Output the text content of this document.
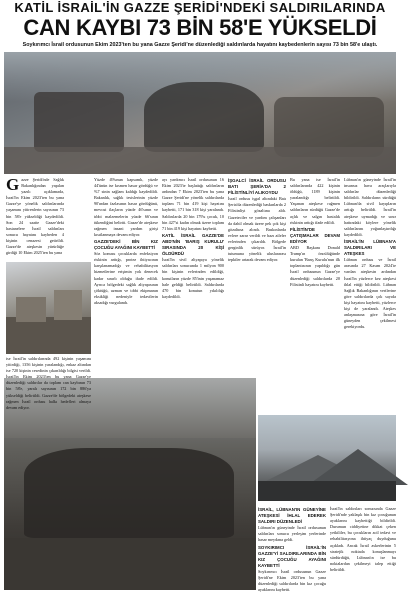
KATİL İSRAİL'İN GAZZE ŞERİDİ'NDEKİ SALDIRILARINDA
CAN KAYBI 73 BİN 58'E YÜKSELDİ
Soykırımcı İsrail ordusunun Ekim 2023'ten bu yana Gazze Şeridi'ne düzenlediği saldırılarda hayatını kaybedenlerin sayısı 73 bin 58'e ulaştı.
Gazze Şeridi'nde Sağlık Bakanlığından yapılan yazılı açıklamada, İsrail'in Ekim 2023'ten bu yana Gazze'ye yönelik saldırılarında yaşamını yitirenlerin sayısının 73 bin 58'e yükseldiği kaydedildi. Son 24 saatte Gazze'deki hastanelere İsrail saldırıları sonucu hayatını kaybeden 4 kişinin cenazesi getirildi. Gazze'de ateşkesin yürürlüğe girdiği 10 Ekim 2025'ten bu yana
Yüzde 49'unun kapsamlı, yüzde 44'ünün ise kısmen hasar gördüğü ve %7 sinin sağlam kaldığı kaydedildi. Bakanlık, sağlık tesislerinin yüzde 90'ından fazlasının hasar gördüğünü, mevcut ilaçların yüzde 46'sının ve tıbbi malzemelerin yüzde 66'sının tükendiğini belirtti. Gazze'de ateşkese rağmen insani yardım girişi kısıtlanmaya devam ediyor.
GAZZE'DEKİ BİN KIZ ÇOCUĞU AYAĞINI KAYBETTİ
Söz konusu çocuklarda enfeksiyon riskinin arttığı, protez ihtiyacının karşılanamadığı ve rehabilitasyon hizmetlerine erişimin yok denecek kadar sınırlı olduğu ifade edildi. Ayrıca bölgedeki sağlık altyapısının çöktüğü, uzman ve tıbbi ekipmanın eksikliği nedeniyle tedavilerin aksadığı vurgulandı.
ayı yardımcı İsrail ordusunun 16 Ekim 2023'te başlattığı saldırıların ardından 7 Ekim 2023'ten bu yana Gazze Şeridi'ne yönelik saldırılarda toplam 71 bin 419 kişi hayatını kaybetti, 171 bin 318 kişi yaralandı. Saldırılarda 20 bin 179'u çocuk, 10 bin 427'si kadın olmak üzere toplam 71 bin 419 kişi hayatını kaybetti.
KATİL İSRAİL GAZZE'DE ABD'NİN 'BARIŞ KURULU' SIRASINDA 20 KİŞİ ÖLDÜRDÜ
İsrail'in sivil altyapıya yönelik saldırıları sonucunda 1 milyon 900 bin kişinin evlerinden edildiği, konutların yüzde 85'inin yaşanamaz hale geldiği belirtildi. Saldırılarda 470 bin konutun yıkıldığı kaydedildi.
İŞGALCİ İSRAİL ORDUSU BATI ŞERİA'DA 2 FİLİSTİNLİYİ ALIKOYDU
İsrail ordusu işgal altındaki Batı Şeria'da düzenlediği baskınlarda 2 Filistinliyi gözaltına aldı. Gazeteciler ve yardım çalışanları da dahil olmak üzere pek çok kişi gözaltına alındı. Baskınlarda evlere zarar verildi ve bazı aileler evlerinden çıkarıldı. Bölgede gerginlik sürüyor. İsrail'in tutumuna yönelik uluslararası tepkiler artarak devam ediyor.
Bu yana ise İsrail'in saldırılarında 422 kişinin öldüğü, 1189 kişinin yaralandığı belirtildi. Yaşanan ateşkese rağmen saldırıların sürdüğü Gazze'de açlık ve salgın hastalık riskinin arttığı ifade edildi.
FİLİSTİN'DE ÇATIŞMALAR DEVAM EDİYOR
ABD Başkanı Donald Trump'ın öncülüğünde kurulan 'Barış Kurulu'nun ilk toplantısının yapıldığı gün İsrail ordusunun Gazze'ye düzenlediği saldırılarda 20 Filistinli hayatını kaybetti.
Lübnan'ın güneyinde İsrail'in insansız hava araçlarıyla saldırılar düzenlediği bildirildi. Saldırıların sürdüğü Lübnan'da sivil kayıpların arttığı belirtildi. İsrail'in ateşkese uymadığı ve sınır hattındaki köylere yönelik saldırılarını yoğunlaştırdığı kaydedildi.
İSRAİL'İN LÜBNAN'A SALDIRILARI VE ATEŞKES
Lübnan ordusu ve İsrail arasında 27 Kasım 2024'te varılan ateşkesin ardından İsrail'in yüzlerce kez ateşkesi ihlal ettiği bildirildi. Lübnan Sağlık Bakanlığının verilerine göre saldırılarda çok sayıda kişi hayatını kaybetti, yüzlerce kişi de yaralandı. Ateşkes anlaşmasına göre İsrail'in güneyden çekilmesi gerekiyordu.
ise İsrail'in saldırılarında 492 kişinin yaşamını yitirdiği, 1356 kişinin yaralandığı, enkaz altından ise 720 kişinin cesedinin çıkarıldığı bilgisi verildi. İsrail'in Ekim 2023'ten bu yana Gazze'ye düzenlediği saldırılar da toplam can kaybının 73 bin 58'e, yaralı sayısının 172 bin 886'ya yükseldiği belirtildi. Gazze'de bölgedeki ateşkese rağmen İsrail ordusu halkı hedefleri almaya devam ediyor.
İSRAİL, LÜBNAN'IN GÜNEYİNE ATEŞKESİ İHLAL EDEREK SALDIRI DÜZENLEDİ
Lübnan'ın güneyinde İsrail ordusunun saldırıları sonucu yerleşim yerlerinde hasar meydana geldi.
SOYKIRIMCI İSRAİL'İN GAZZE'Yİ SALDIRILARINDA BİN KIZ ÇOCUĞU AYAĞINI KAYBETTİ
Soykırımcı İsrail ordusunun Gazze Şeridi'ne Ekim 2023'ten bu yana düzenlediği saldırılarda bin kız çocuğu ayaklarını kaybetti.
İsrail'in saldırıları sonucunda Gazze Şeridi'nde yaklaşık bin kız çocuğunun ayaklarını kaybettiği bildirildi. Durumun ciddiyetine dikkat çeken yetkililer, bu çocukların acil tedavi ve rehabilitasyona ihtiyaç duyduğunu açıkladı. Ancak İsrail askerlerinin 5 stratejik noktada konuşlanmayı sürdürdüğü, Lübnan'ın ise bu noktalardan çekilmeyi talep ettiği belirtildi.
